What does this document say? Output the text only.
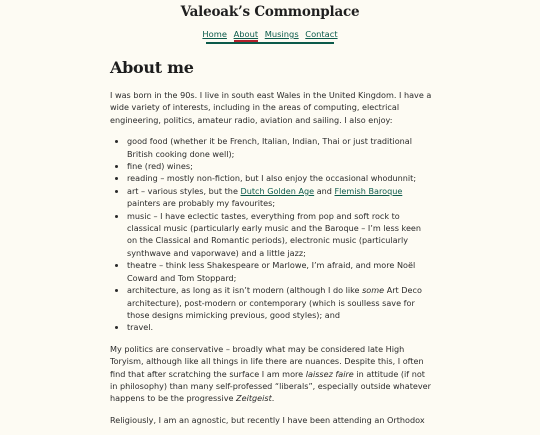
Valeoak’s Commonplace
Home About Musings Contact
About me

I was born in the 90s. I live in south east Wales in the United Kingdom. I have a wide variety of interests, including in the areas of computing, electrical engineering, politics, amateur radio, aviation and sailing. I also enjoy:

• good food (whether it be French, Italian, Indian, Thai or just traditional British cooking done well);
• fine (red) wines;
• reading – mostly non-fiction, but I also enjoy the occasional whodunnit;
• art – various styles, but the Dutch Golden Age and Flemish Baroque painters are probably my favourites;
• music – I have eclectic tastes, everything from pop and soft rock to classical music (particularly early music and the Baroque – I’m less keen on the Classical and Romantic periods), electronic music (particularly synthwave and vaporwave) and a little jazz;
• theatre – think less Shakespeare or Marlowe, I’m afraid, and more Noël Coward and Tom Stoppard;
• architecture, as long as it isn’t modern (although I do like some Art Deco architecture), post-modern or contemporary (which is soulless save for those designs mimicking previous, good styles); and
• travel.

My politics are conservative – broadly what may be considered late High Toryism, although like all things in life there are nuances. Despite this, I often find that after scratching the surface I am more laissez faire in attitude (if not in philosophy) than many self-professed “liberals”, especially outside whatever happens to be the progressive Zeitgeist.

Religiously, I am an agnostic, but recently I have been attending an Orthodox
